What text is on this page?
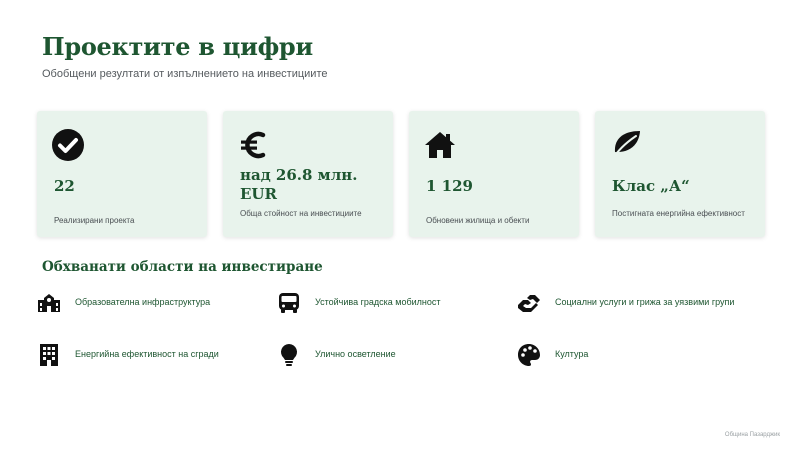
Проектите в цифри

Обобщени резултати от изпълнението на инвестициите

22
Реализирани проекта
над 26.8 млн. EUR
Обща стойност на инвестициите
1 129
Обновени жилища и обекти
Клас „А“
Постигната енергийна ефективност
Обхванати области на инвестиране
Образователна инфраструктура	Устойчива градска мобилност	Социални услуги и грижа за уязвими групи
Енергийна ефективност на сгради	Улично осветление	Култура
Община Пазарджик
